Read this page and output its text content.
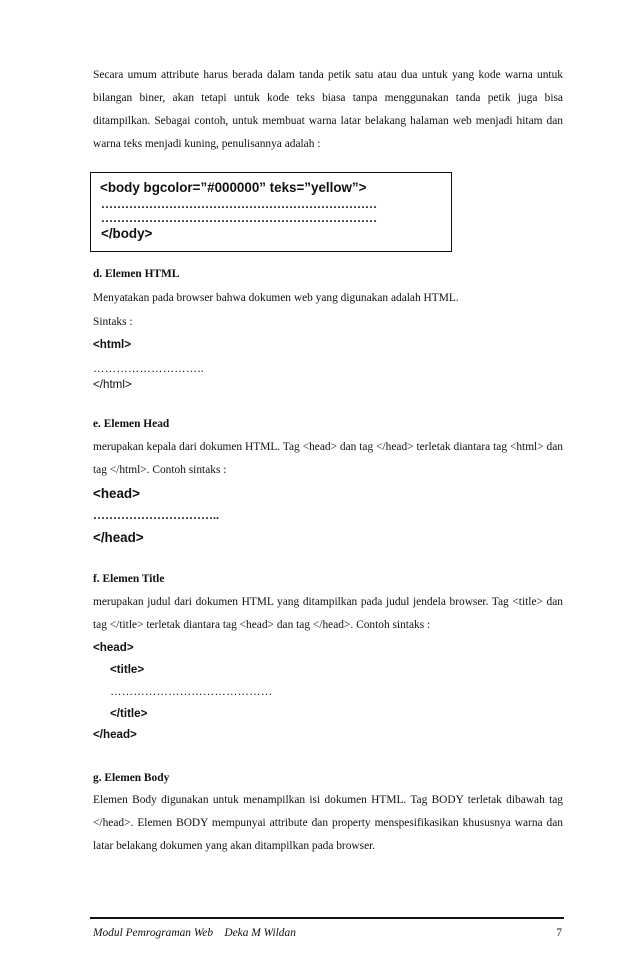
Secara umum attribute harus berada dalam tanda petik satu atau dua untuk yang kode warna untuk bilangan biner, akan tetapi untuk kode teks biasa tanpa menggunakan tanda petik juga bisa ditampilkan. Sebagai contoh, untuk membuat warna latar belakang halaman web menjadi hitam dan warna teks menjadi kuning, penulisannya adalah :

<body bgcolor=”#000000” teks=”yellow”>

……………………………………………………………

……………………………………………………………

</body>

d. Elemen HTML

Menyatakan pada browser bahwa dokumen web yang digunakan adalah HTML.

Sintaks :

<html>

………………………..

</html>

e. Elemen Head

merupakan kepala dari dokumen HTML. Tag <head> dan tag </head> terletak diantara tag <html> dan tag </html>. Contoh sintaks :

<head>

…………………………..

</head>

f. Elemen Title

merupakan judul dari dokumen HTML yang ditampilkan pada judul jendela browser. Tag <title> dan tag </title> terletak diantara tag <head> dan tag </head>. Contoh sintaks :

<head>

<title>

……………………………………

</title>

</head>

g. Elemen Body

Elemen Body digunakan untuk menampilkan isi dokumen HTML. Tag BODY terletak dibawah tag </head>. Elemen BODY mempunyai attribute dan property menspesifikasikan khususnya warna dan latar belakang dokumen yang akan ditampilkan pada browser.

Modul Pemrograman Web    Deka M Wildan	7
